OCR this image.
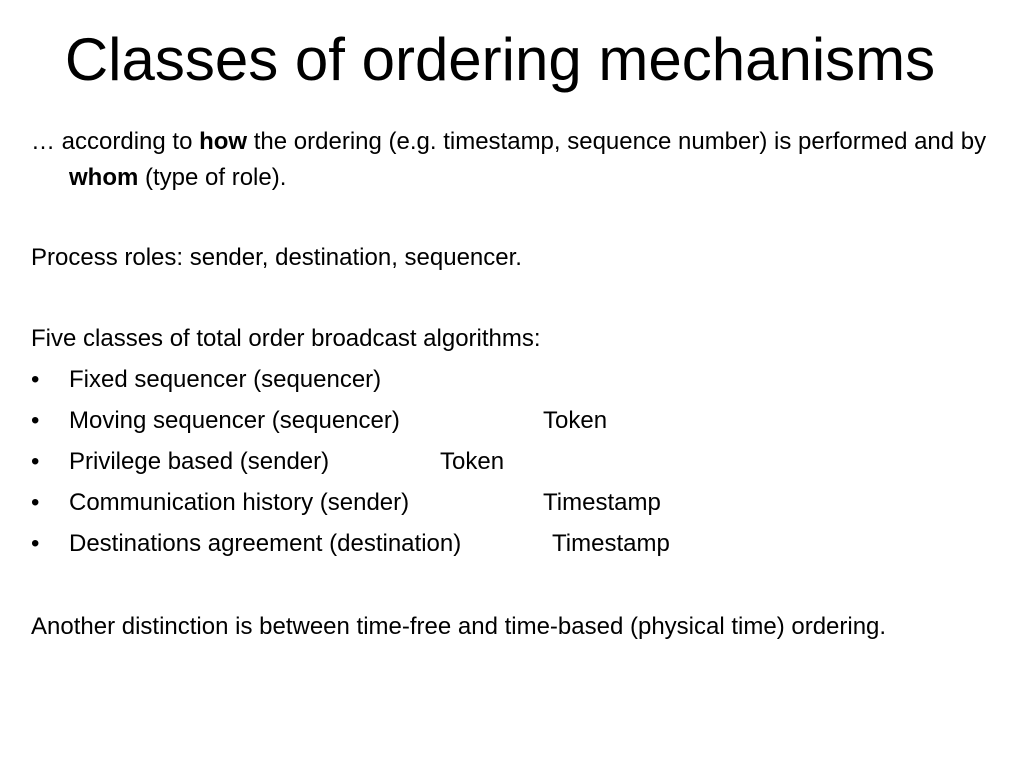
Classes of ordering mechanisms
… according to how the ordering (e.g. timestamp, sequence number) is performed and by whom (type of role).
Process roles: sender, destination, sequencer.
Five classes of total order broadcast algorithms:
• Fixed sequencer (sequencer)
• Moving sequencer (sequencer)	Token
• Privilege based (sender)	Token
• Communication history (sender)	Timestamp
• Destinations agreement (destination)	Timestamp
Another distinction is between time-free and time-based (physical time) ordering.
